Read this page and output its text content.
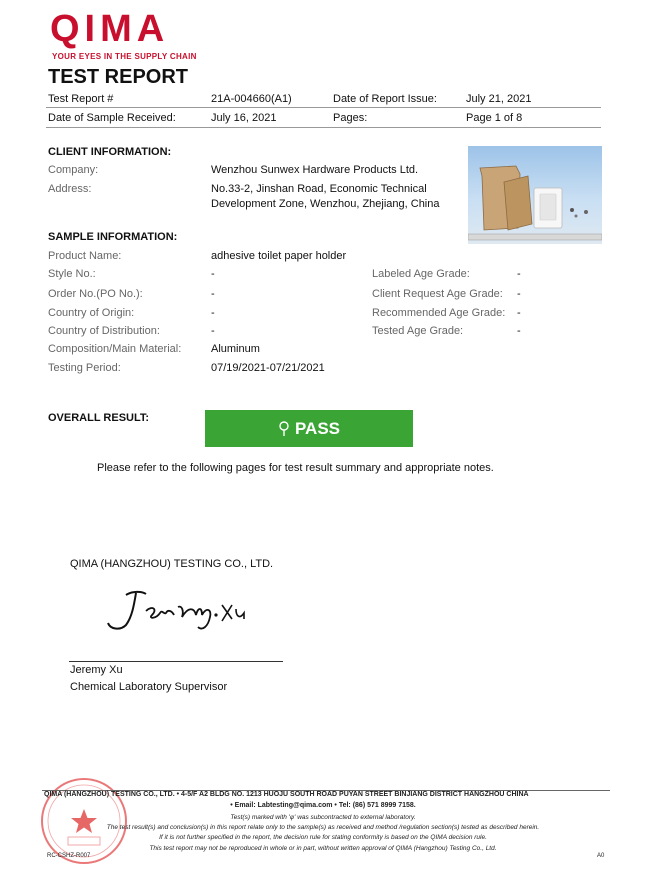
QIMA
YOUR EYES IN THE SUPPLY CHAIN
TEST REPORT
Test Report #	21A-004660(A1)	Date of Report Issue:	July 21, 2021
Date of Sample Received:	July 16, 2021	Pages:	Page 1 of 8
CLIENT INFORMATION:
Company:	Wenzhou Sunwex Hardware Products Ltd.
Address:	No.33-2, Jinshan Road, Economic Technical
Development Zone, Wenzhou, Zhejiang, China
SAMPLE INFORMATION:
Product Name:	adhesive toilet paper holder
Style No.:	-
Order No.(PO No.):	-
Country of Origin:	-
Country of Distribution:	-
Composition/Main Material:	Aluminum
Testing Period:	07/19/2021-07/21/2021
Labeled Age Grade:	-
Client Request Age Grade: -
Recommended Age Grade: -
Tested Age Grade:	-
OVERALL RESULT:
PASS
Please refer to the following pages for test result summary and appropriate notes.
QIMA (HANGZHOU) TESTING CO., LTD.
Jeremy Xu
Chemical Laboratory Supervisor
QIMA (HANGZHOU) TESTING CO., LTD. • 4-5/F A2 BLDG NO. 1213 HUOJU SOUTH ROAD PUYAN STREET BINJIANG DISTRICT HANGZHOU CHINA
• Email: Labtesting@qima.com • Tel: (86) 571 8999 7158.
Test(s) marked with 'φ' was subcontracted to external laboratory.
The test result(s) and conclusion(s) in this report relate only to the sample(s) as received and method /regulation section(s) tested as described herein.
If it is not further specified in the report, the decision rule for stating conformity is based on the QIMA decision rule.
This test report may not be reproduced in whole or in part, without written approval of QIMA (Hangzhou) Testing Co., Ltd.
RC-CSHZ-R007	A0
